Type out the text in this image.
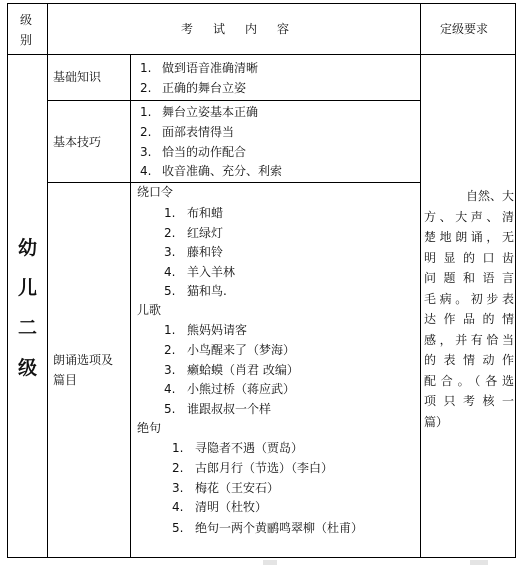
级
别
考 试 内 容	定级要求
幼
儿
二
级
基础知识
1. 做到语音准确清晰
2. 正确的舞台立姿
基本技巧
1. 舞台立姿基本正确
2. 面部表情得当
3. 恰当的动作配合
4. 收音准确、充分、利索
朗诵选项及
篇目
绕口令
1. 布和蜡
2. 红绿灯
3. 藤和铃
4. 羊入羊林
5. 猫和鸟.
儿歌
1. 熊妈妈请客
2. 小鸟醒来了（梦海）
3. 癞蛤蟆（肖君 改编）
4. 小熊过桥（蒋应武）
5. 谁跟叔叔一个样
绝句
1. 寻隐者不遇（贾岛）
2. 古郎月行（节选）（李白）
3. 梅花（王安石）
4. 清明（杜牧）
5. 绝句一两个黄鹂鸣翠柳（杜甫）
自然、大
方、大声、清
楚地朗诵，无
明显的口齿
问题和语言
毛病。初步表
达作品的情
感，并有恰当
的表情动作
配合。（各选
项只考核一
篇）
